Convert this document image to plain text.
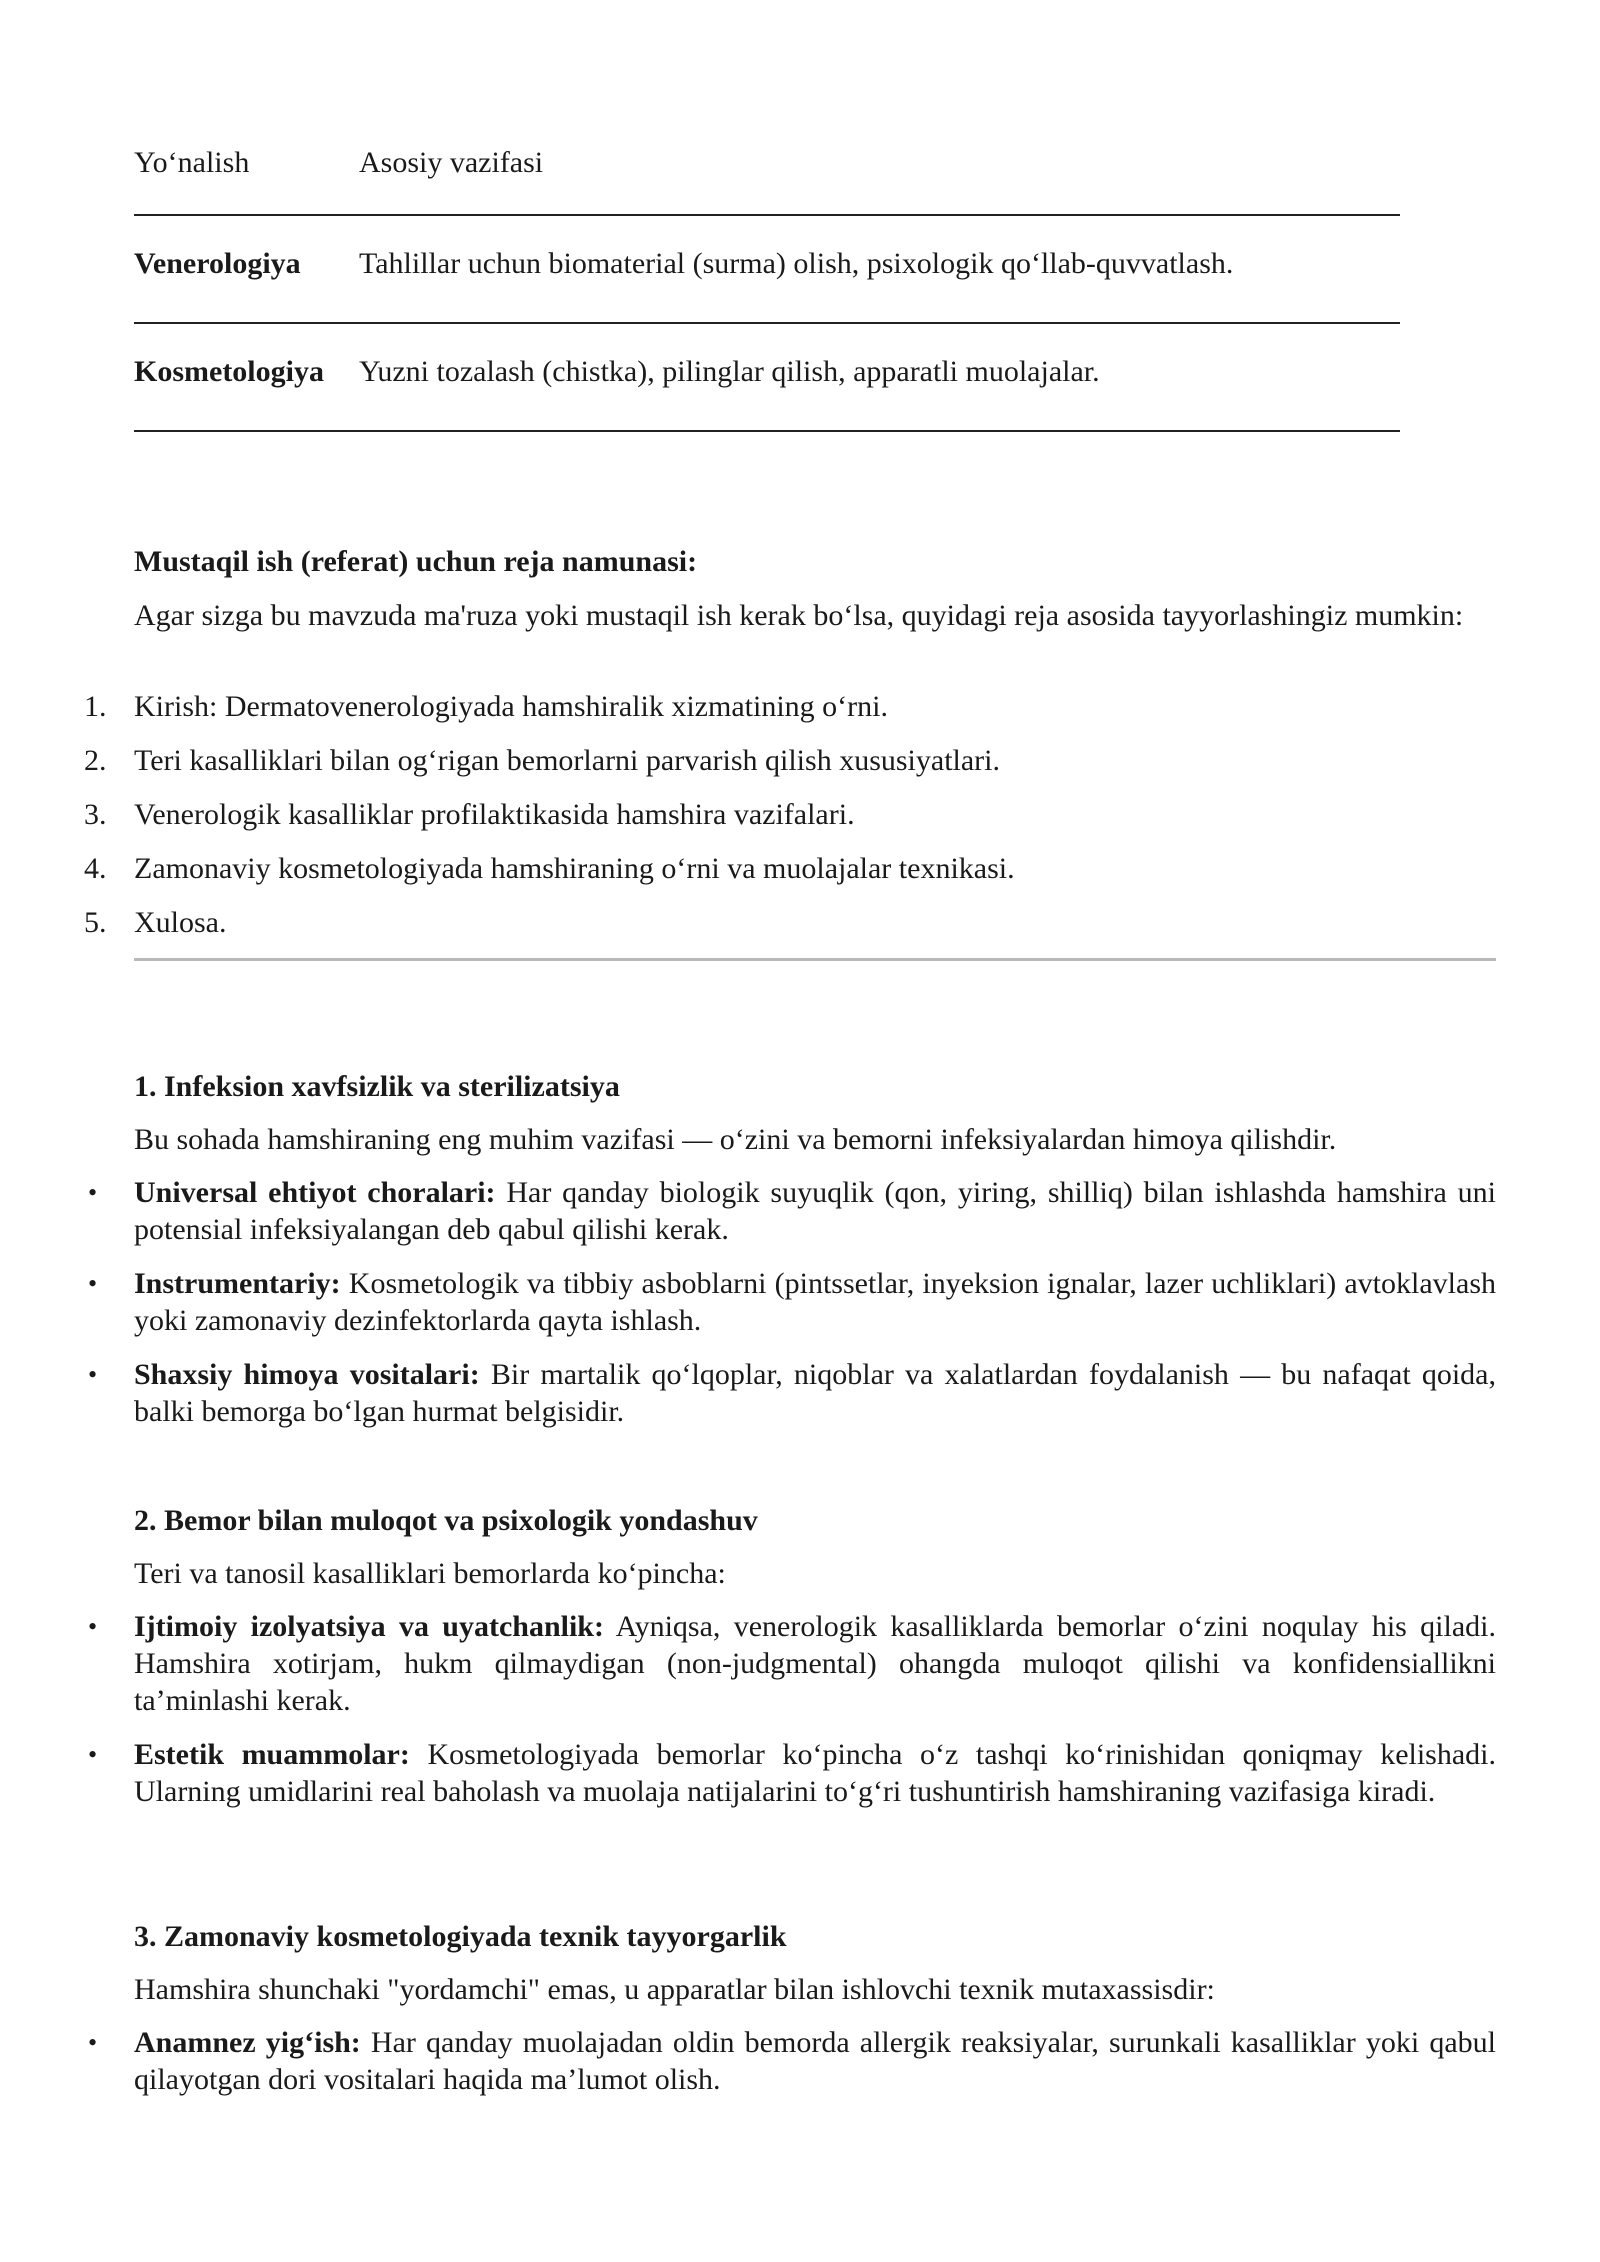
Yo‘nalish	Asosiy vazifasi
Venerologiya	Tahlillar uchun biomaterial (surma) olish, psixologik qo‘llab-quvvatlash.
Kosmetologiya	Yuzni tozalash (chistka), pilinglar qilish, apparatli muolajalar.

Mustaqil ish (referat) uchun reja namunasi:

Agar sizga bu mavzuda ma'ruza yoki mustaqil ish kerak bo‘lsa, quyidagi reja asosida tayyorlashingiz mumkin:

1. Kirish: Dermatovenerologiyada hamshiralik xizmatining o‘rni.
2. Teri kasalliklari bilan og‘rigan bemorlarni parvarish qilish xususiyatlari.
3. Venerologik kasalliklar profilaktikasida hamshira vazifalari.
4. Zamonaviy kosmetologiyada hamshiraning o‘rni va muolajalar texnikasi.
5. Xulosa.

1. Infeksion xavfsizlik va sterilizatsiya

Bu sohada hamshiraning eng muhim vazifasi — o‘zini va bemorni infeksiyalardan himoya qilishdir.

•	Universal ehtiyot choralari: Har qanday biologik suyuqlik (qon, yiring, shilliq) bilan ishlashda hamshira uni potensial infeksiyalangan deb qabul qilishi kerak.
•	Instrumentariy: Kosmetologik va tibbiy asboblarni (pintssetlar, inyeksion ignalar, lazer uchliklari) avtoklavlash yoki zamonaviy dezinfektorlarda qayta ishlash.
•	Shaxsiy himoya vositalari: Bir martalik qo‘lqoplar, niqoblar va xalatlardan foydalanish — bu nafaqat qoida, balki bemorga bo‘lgan hurmat belgisidir.

2. Bemor bilan muloqot va psixologik yondashuv

Teri va tanosil kasalliklari bemorlarda ko‘pincha:

•	Ijtimoiy izolyatsiya va uyatchanlik: Ayniqsa, venerologik kasalliklarda bemorlar o‘zini noqulay his qiladi. Hamshira xotirjam, hukm qilmaydigan (non-judgmental) ohangda muloqot qilishi va konfidensiallikni ta’minlashi kerak.
•	Estetik muammolar: Kosmetologiyada bemorlar ko‘pincha o‘z tashqi ko‘rinishidan qoniqmay kelishadi. Ularning umidlarini real baholash va muolaja natijalarini to‘g‘ri tushuntirish hamshiraning vazifasiga kiradi.

3. Zamonaviy kosmetologiyada texnik tayyorgarlik

Hamshira shunchaki "yordamchi" emas, u apparatlar bilan ishlovchi texnik mutaxassisdir:

•	Anamnez yig‘ish: Har qanday muolajadan oldin bemorda allergik reaksiyalar, surunkali kasalliklar yoki qabul qilayotgan dori vositalari haqida ma’lumot olish.
